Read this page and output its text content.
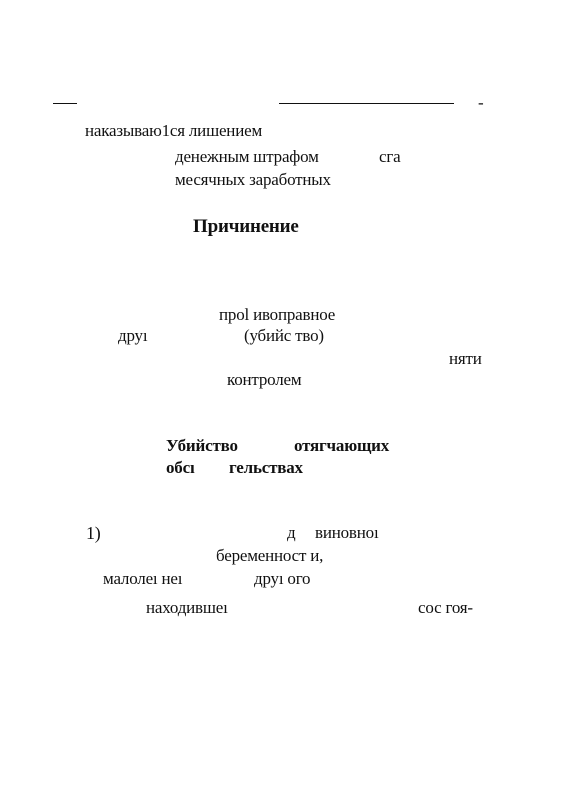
-
наказываю1ся лишением
денежным штрафом	сга
месячных заработных
Причинение
проl ивоправное
друı	(убийс тво)
няти
контролем
Убийство	отягчающих
обсı гельствах
1)	д виновноı
беременност и,
малолеı неı	друı ого
находившеı	сос гоя-
